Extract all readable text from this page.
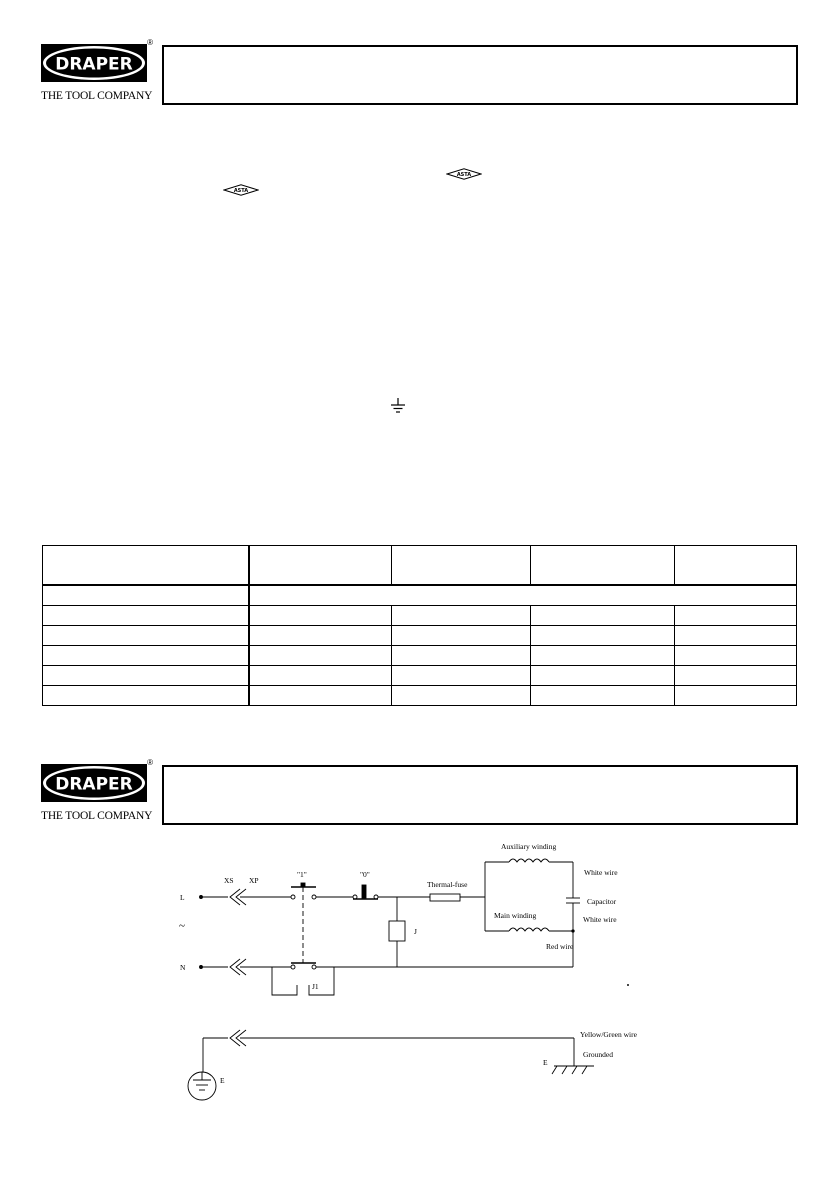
DRAPER
®
THE TOOL COMPANY
ASTA
ASTA

DRAPER
®
THE TOOL COMPANY
L
~
N
XS XP
"1"	"0"
Thermal-fuse
Auxiliary winding
Main winding
White wire
Capacitor
White wire
Red wire
J
J1
Yellow/Green wire
Grounded
E
E
